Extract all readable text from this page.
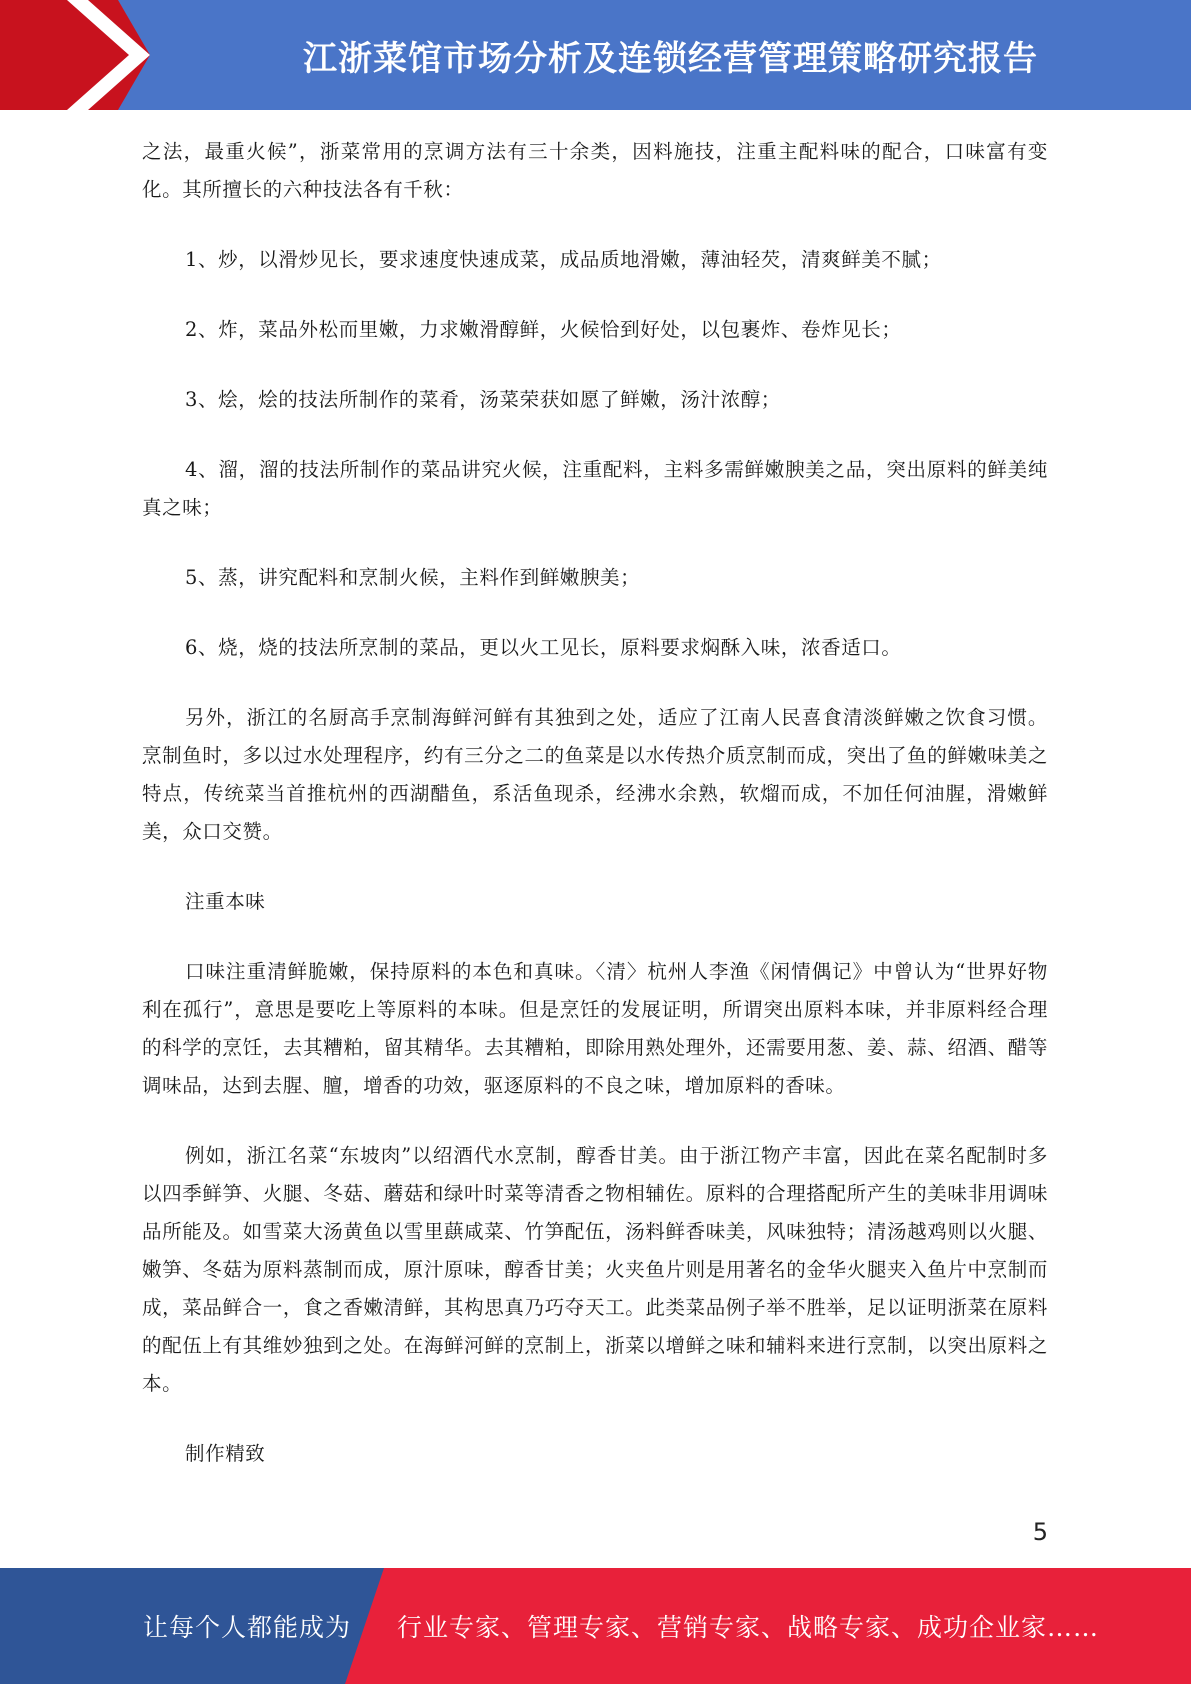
江浙菜馆市场分析及连锁经营管理策略研究报告

之法，最重火候”，浙菜常用的烹调方法有三十余类，因料施技，注重主配料味的配合，口味富有变化。其所擅长的六种技法各有千秋：

1、炒，以滑炒见长，要求速度快速成菜，成品质地滑嫩，薄油轻芡，清爽鲜美不腻；

2、炸，菜品外松而里嫩，力求嫩滑醇鲜，火候恰到好处，以包裹炸、卷炸见长；

3、烩，烩的技法所制作的菜肴，汤菜荣获如愿了鲜嫩，汤汁浓醇；

4、溜，溜的技法所制作的菜品讲究火候，注重配料，主料多需鲜嫩腴美之品，突出原料的鲜美纯真之味；

5、蒸，讲究配料和烹制火候，主料作到鲜嫩腴美；

6、烧，烧的技法所烹制的菜品，更以火工见长，原料要求焖酥入味，浓香适口。

另外，浙江的名厨高手烹制海鲜河鲜有其独到之处，适应了江南人民喜食清淡鲜嫩之饮食习惯。烹制鱼时，多以过水处理程序，约有三分之二的鱼菜是以水传热介质烹制而成，突出了鱼的鲜嫩味美之特点，传统菜当首推杭州的西湖醋鱼，系活鱼现杀，经沸水余熟，软熘而成，不加任何油腥，滑嫩鲜美，众口交赞。

注重本味

口味注重清鲜脆嫩，保持原料的本色和真味。〈清〉杭州人李渔《闲情偶记》中曾认为“世界好物利在孤行”，意思是要吃上等原料的本味。但是烹饪的发展证明，所谓突出原料本味，并非原料经合理的科学的烹饪，去其糟粕，留其精华。去其糟粕，即除用熟处理外，还需要用葱、姜、蒜、绍酒、醋等调味品，达到去腥、膻，增香的功效，驱逐原料的不良之味，增加原料的香味。

例如，浙江名菜“东坡肉”以绍酒代水烹制，醇香甘美。由于浙江物产丰富，因此在菜名配制时多以四季鲜笋、火腿、冬菇、蘑菇和绿叶时菜等清香之物相辅佐。原料的合理搭配所产生的美味非用调味品所能及。如雪菜大汤黄鱼以雪里蕻咸菜、竹笋配伍，汤料鲜香味美，风味独特；清汤越鸡则以火腿、嫩笋、冬菇为原料蒸制而成，原汁原味，醇香甘美；火夹鱼片则是用著名的金华火腿夹入鱼片中烹制而成，菜品鲜合一，食之香嫩清鲜，其构思真乃巧夺天工。此类菜品例子举不胜举，足以证明浙菜在原料的配伍上有其维妙独到之处。在海鲜河鲜的烹制上，浙菜以增鲜之味和辅料来进行烹制，以突出原料之本。

制作精致

5
让每个人都能成为 行业专家、管理专家、营销专家、战略专家、成功企业家……
